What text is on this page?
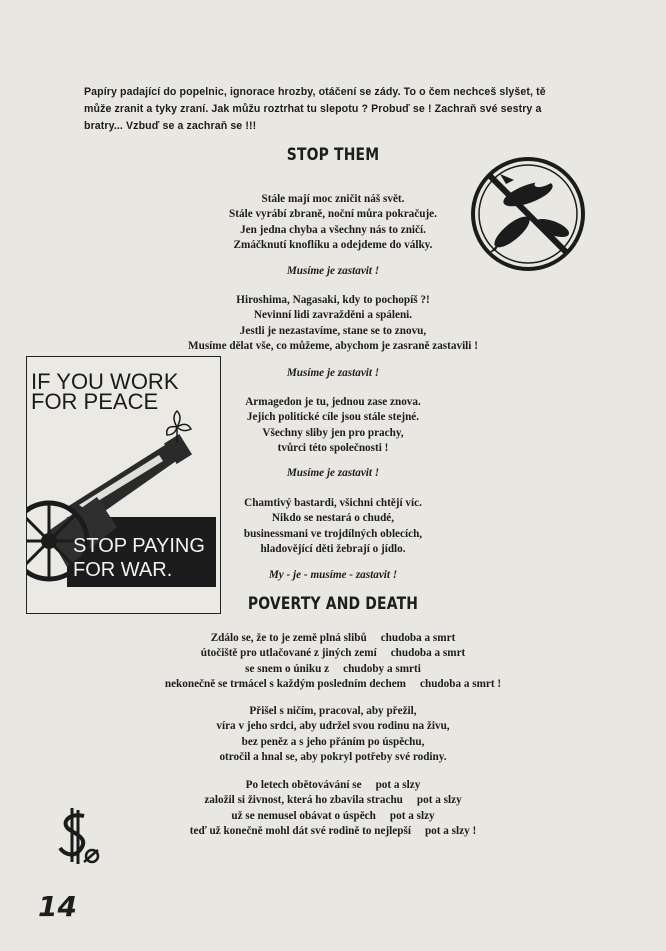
Papíry padající do popelnic, ignorace hrozby, otáčení se zády. To o čem nechceš slyšet, tě
může zranit a tyky zraní. Jak můžu roztrhat tu slepotu ? Probuď se ! Zachraň své sestry a
bratry... Vzbuď se a zachraň se !!!
STOP THEM
Stále mají moc zničit náš svět.
Stále vyrábí zbraně, noční můra pokračuje.
Jen jedna chyba a všechny nás to zničí.
Zmáčknutí knoflíku a odejdeme do války.
Musíme je zastavit !
Hiroshima, Nagasaki, kdy to pochopíš ?!
Nevinní lidi zavražděni a spáleni.
Jestli je nezastavíme, stane se to znovu,
Musíme dělat vše, co můžeme, abychom je zasraně zastavili !
Musíme je zastavit !
Armagedon je tu, jednou zase znova.
Jejich politické cíle jsou stále stejné.
Všechny sliby jen pro prachy,
tvůrci této společnosti !
Musíme je zastavit !
Chamtivý bastardi, všichni chtějí víc.
Nikdo se nestará o chudé,
businessmani ve trojdílných oblecích,
hladovějící děti žebrají o jídlo.
My - je - musíme - zastavit !
POVERTY AND DEATH
Zdálo se, že to je země plná slibů chudoba a smrt
útočiště pro utlačované z jiných zemí chudoba a smrt
se snem o úniku z chudoby a smrti
nekonečně se trmácel s každým posledním dechem chudoba a smrt !
Přišel s ničím, pracoval, aby přežil,
víra v jeho srdci, aby udržel svou rodinu na živu,
bez peněz a s jeho přáním po úspěchu,
otročil a hnal se, aby pokryl potřeby své rodiny.
Po letech obětovávání se pot a slzy
založil si živnost, která ho zbavila strachu pot a slzy
už se nemusel obávat o úspěch pot a slzy
teď už konečně mohl dát své rodině to nejlepší pot a slzy !
IF YOU WORK
FOR PEACE
STOP PAYING
FOR WAR.
14
